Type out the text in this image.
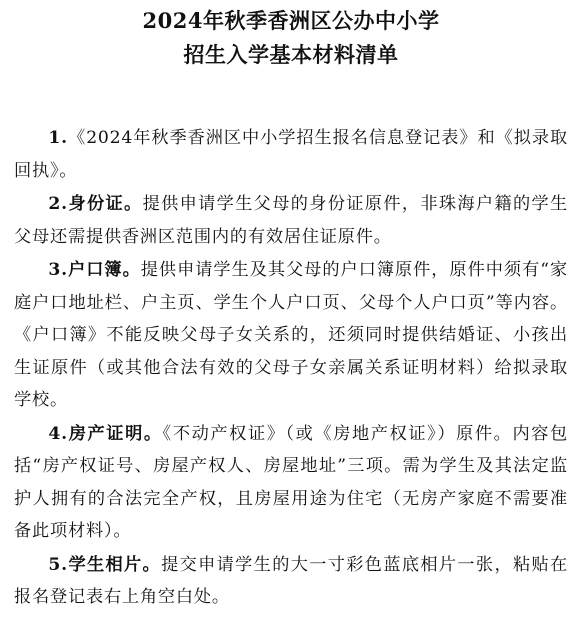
2024年秋季香洲区公办中小学
招生入学基本材料清单

1.《2024年秋季香洲区中小学招生报名信息登记表》和《拟录取回执》。

2.身份证。提供申请学生父母的身份证原件，非珠海户籍的学生父母还需提供香洲区范围内的有效居住证原件。

3.户口簿。提供申请学生及其父母的户口簿原件，原件中须有“家庭户口地址栏、户主页、学生个人户口页、父母个人户口页”等内容。《户口簿》不能反映父母子女关系的，还须同时提供结婚证、小孩出生证原件（或其他合法有效的父母子女亲属关系证明材料）给拟录取学校。

4.房产证明。《不动产权证》（或《房地产权证》）原件。内容包括“房产权证号、房屋产权人、房屋地址”三项。需为学生及其法定监护人拥有的合法完全产权，且房屋用途为住宅（无房产家庭不需要准备此项材料）。

5.学生相片。提交申请学生的大一寸彩色蓝底相片一张，粘贴在报名登记表右上角空白处。
